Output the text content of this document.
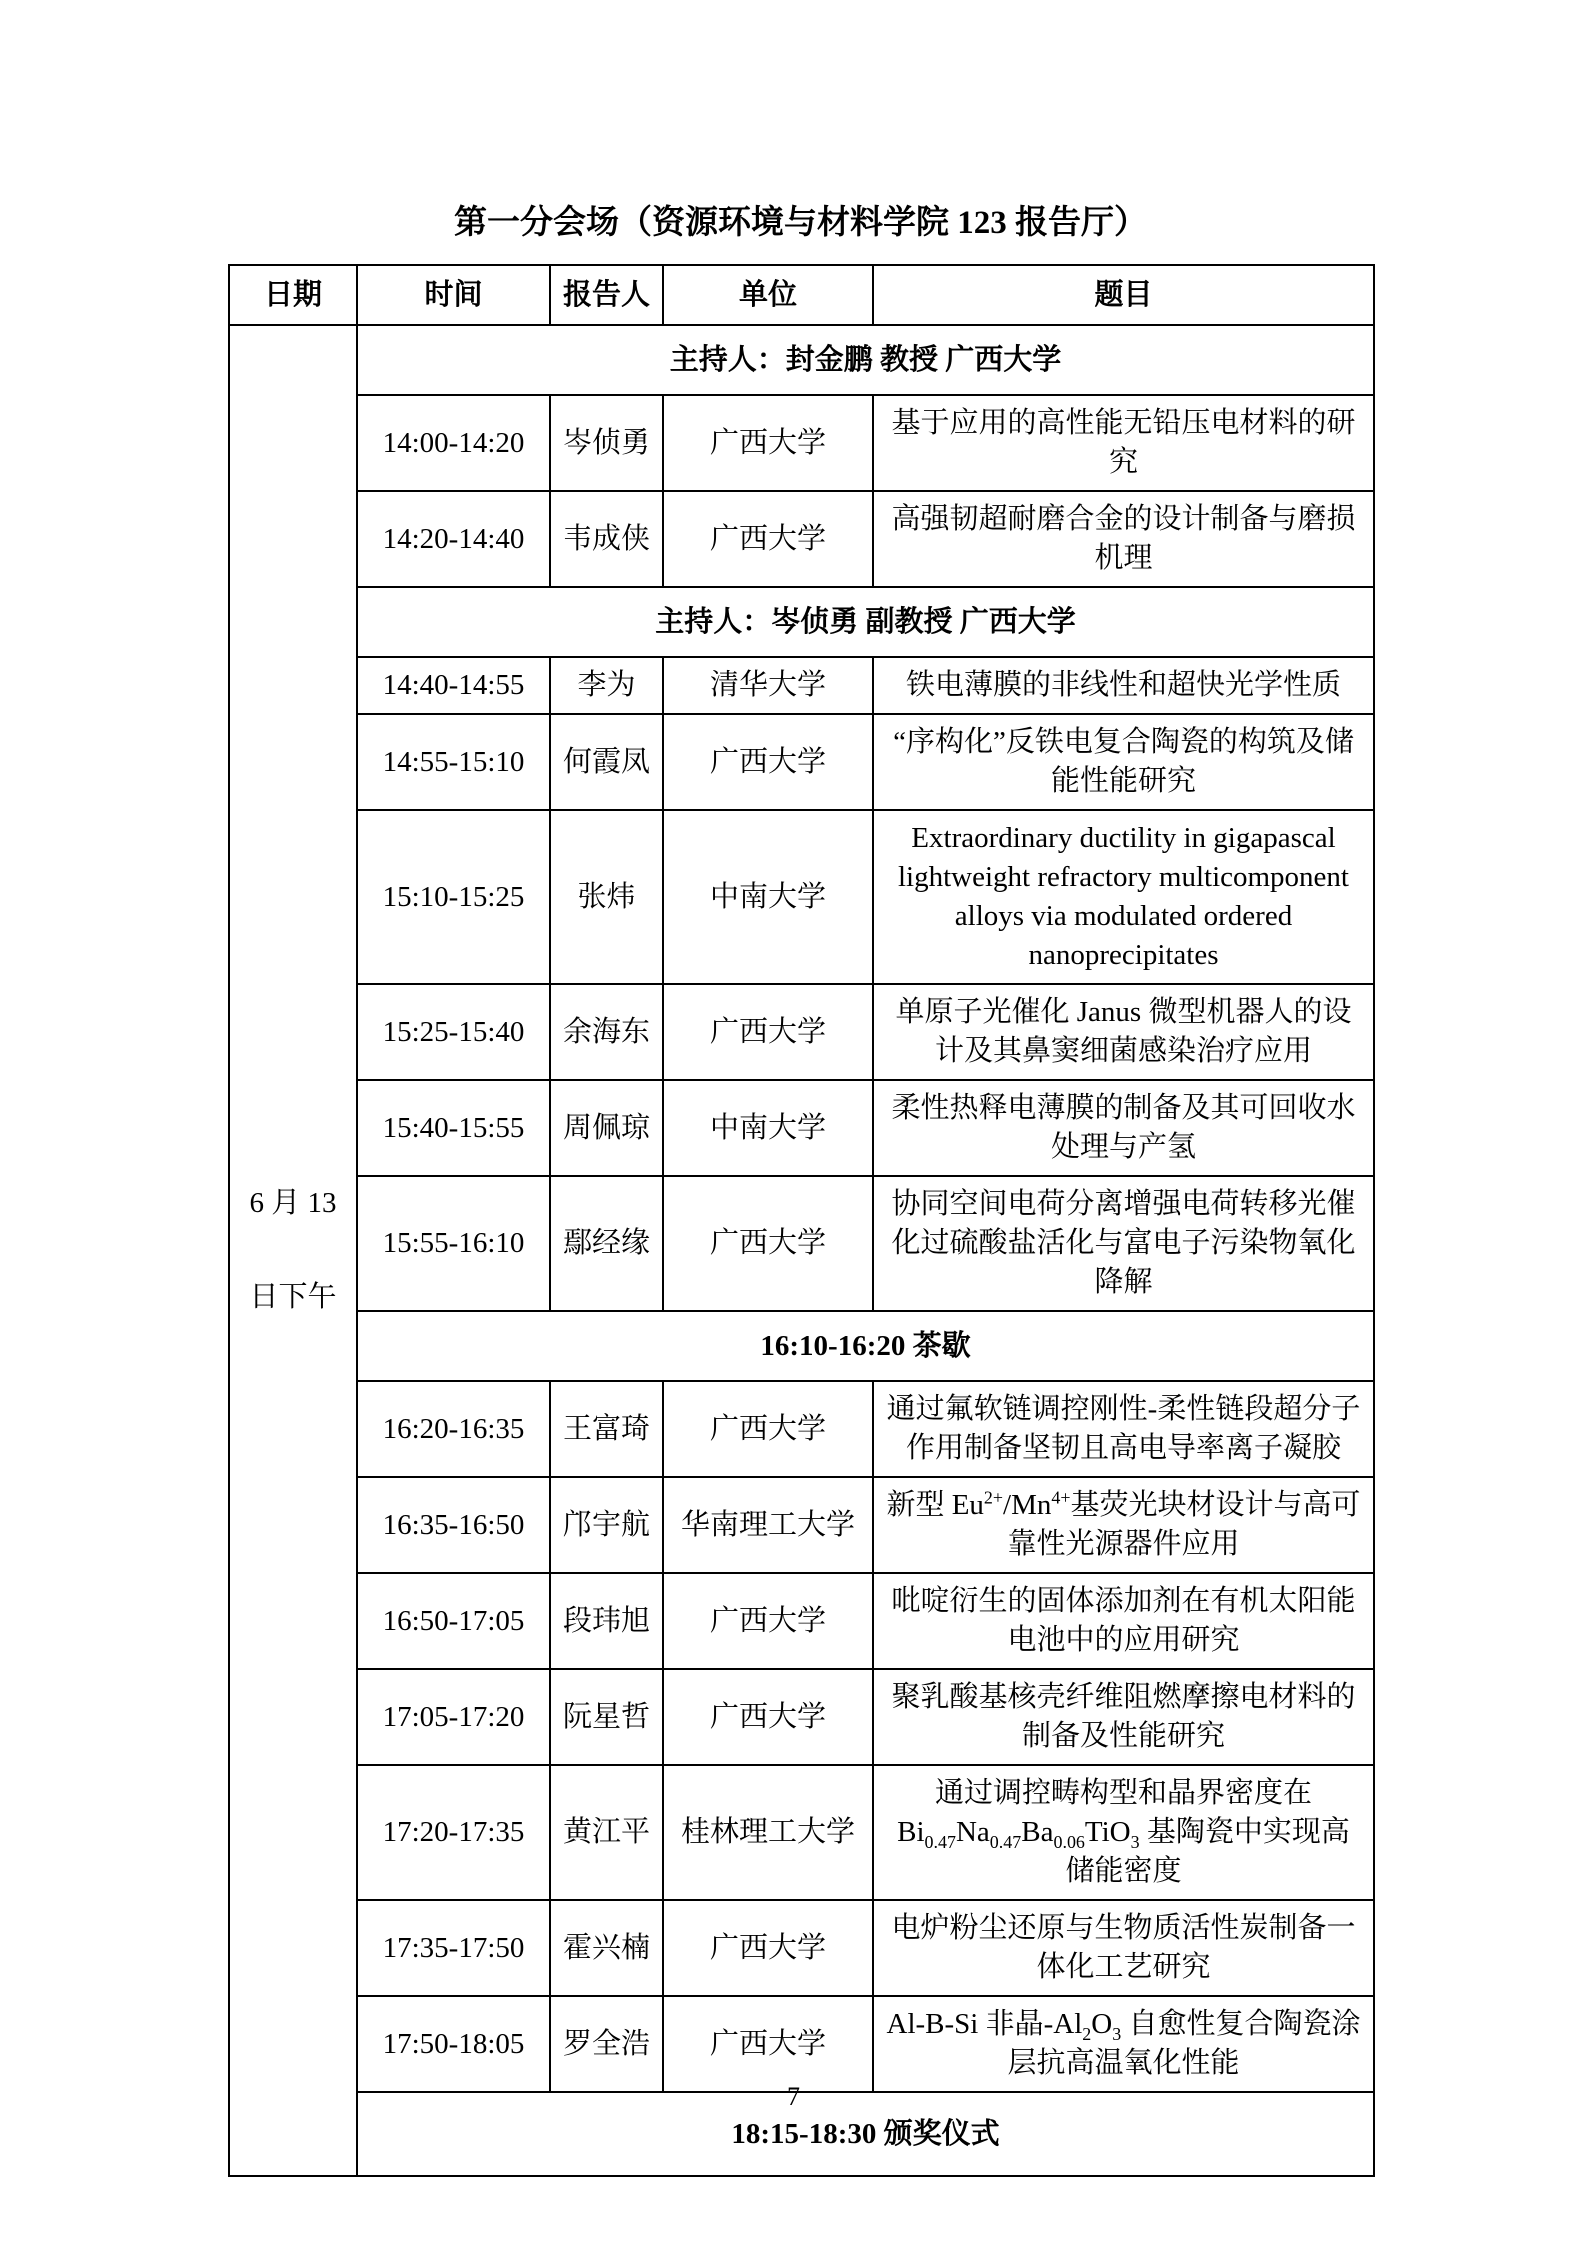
第一分会场（资源环境与材料学院 123 报告厅）
日期	时间	报告人	单位	题目

6 月 13
日下午	主持人：封金鹏 教授 广西大学			
	14:00-14:20	岑侦勇	广西大学	基于应用的高性能无铅压电材料的研究
	14:20-14:40	韦成侠	广西大学	高强韧超耐磨合金的设计制备与磨损机理
	主持人：岑侦勇 副教授 广西大学			
	14:40-14:55	李为	清华大学	铁电薄膜的非线性和超快光学性质
	14:55-15:10	何霞凤	广西大学	“序构化”反铁电复合陶瓷的构筑及储能性能研究
	15:10-15:25	张炜	中南大学	Extraordinary ductility in gigapascal lightweight refractory multicomponent alloys via modulated ordered nanoprecipitates
	15:25-15:40	余海东	广西大学	单原子光催化 Janus 微型机器人的设计及其鼻窦细菌感染治疗应用
	15:40-15:55	周佩琼	中南大学	柔性热释电薄膜的制备及其可回收水处理与产氢
	15:55-16:10	鄢经缘	广西大学	协同空间电荷分离增强电荷转移光催化过硫酸盐活化与富电子污染物氧化降解
	16:10-16:20 茶歇			
	16:20-16:35	王富琦	广西大学	通过氟软链调控刚性-柔性链段超分子作用制备坚韧且高电导率离子凝胶
	16:35-16:50	邝宇航	华南理工大学	新型 $Eu^{2+}/Mn^{4+}$基荧光块材设计与高可靠性光源器件应用
	16:50-17:05	段玮旭	广西大学	吡啶衍生的固体添加剂在有机太阳能电池中的应用研究
	17:05-17:20	阮星哲	广西大学	聚乳酸基核壳纤维阻燃摩擦电材料的制备及性能研究
	17:20-17:35	黄江平	桂林理工大学	通过调控畴构型和晶界密度在 $Bi_{0.47}Na_{0.47}Ba_{0.06}TiO_3$ 基陶瓷中实现高储能密度
	17:35-17:50	霍兴楠	广西大学	电炉粉尘还原与生物质活性炭制备一体化工艺研究
	17:50-18:05	罗全浩	广西大学	Al-B-Si 非晶$-Al_2O_3$ 自愈性复合陶瓷涂层抗高温氧化性能
	18:15-18:30 颁奖仪式			
7
